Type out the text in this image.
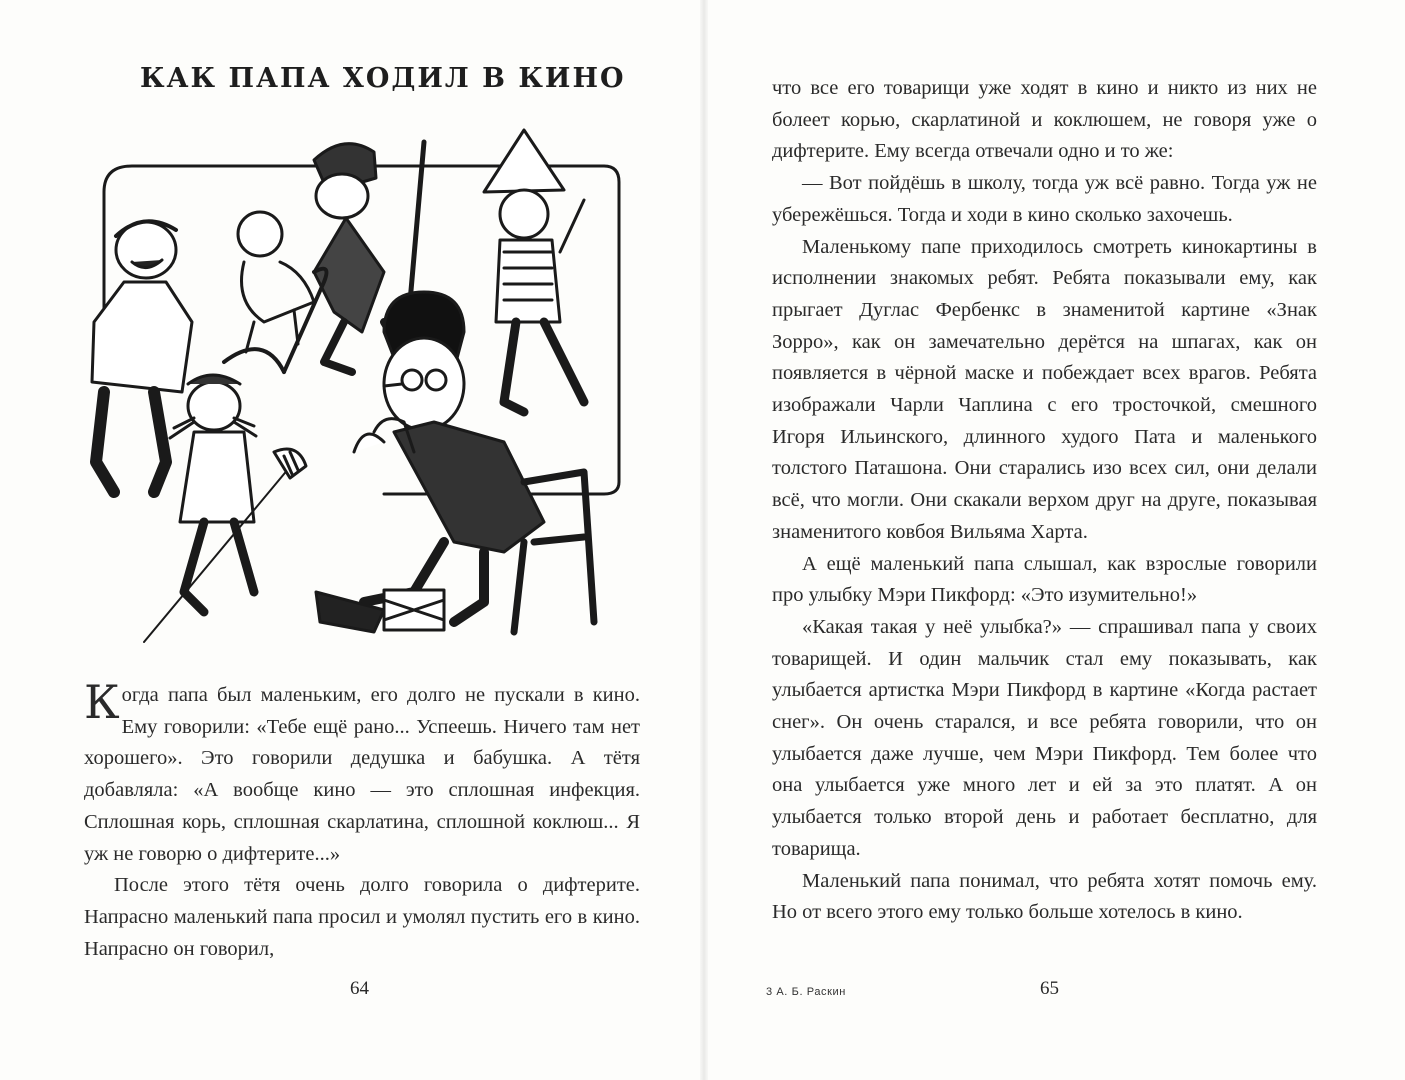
КАК ПАПА ХОДИЛ В КИНО

Когда папа был маленьким, его долго не пускали в кино. Ему говорили: «Тебе ещё рано... Успеешь. Ничего там нет хорошего». Это говорили дедушка и бабушка. А тётя добавляла: «А вообще кино — это сплошная инфекция. Сплошная корь, сплошная скарлатина, сплошной коклюш... Я уж не говорю о дифтерите...»

После этого тётя очень долго говорила о дифтерите. Напрасно маленький папа просил и умолял пустить его в кино. Напрасно он говорил,

64

что все его товарищи уже ходят в кино и никто из них не болеет корью, скарлатиной и коклюшем, не говоря уже о дифтерите. Ему всегда отвечали одно и то же:

— Вот пойдёшь в школу, тогда уж всё равно. Тогда уж не убережёшься. Тогда и ходи в кино сколько захочешь.

Маленькому папе приходилось смотреть кинокартины в исполнении знакомых ребят. Ребята показывали ему, как прыгает Дуглас Фербенкс в знаменитой картине «Знак Зорро», как он замечательно дерётся на шпагах, как он появляется в чёрной маске и побеждает всех врагов. Ребята изображали Чарли Чаплина с его тросточкой, смешного Игоря Ильинского, длинного худого Пата и маленького толстого Паташона. Они старались изо всех сил, они делали всё, что могли. Они скакали верхом друг на друге, показывая знаменитого ковбоя Вильяма Харта.

А ещё маленький папа слышал, как взрослые говорили про улыбку Мэри Пикфорд: «Это изумительно!»

«Какая такая у неё улыбка?» — спрашивал папа у своих товарищей. И один мальчик стал ему показывать, как улыбается артистка Мэри Пикфорд в картине «Когда растает снег». Он очень старался, и все ребята говорили, что он улыбается даже лучше, чем Мэри Пикфорд. Тем более что она улыбается уже много лет и ей за это платят. А он улыбается только второй день и работает бесплатно, для товарища.

Маленький папа понимал, что ребята хотят помочь ему. Но от всего этого ему только больше хотелось в кино.

3 А. Б. Раскин	65
